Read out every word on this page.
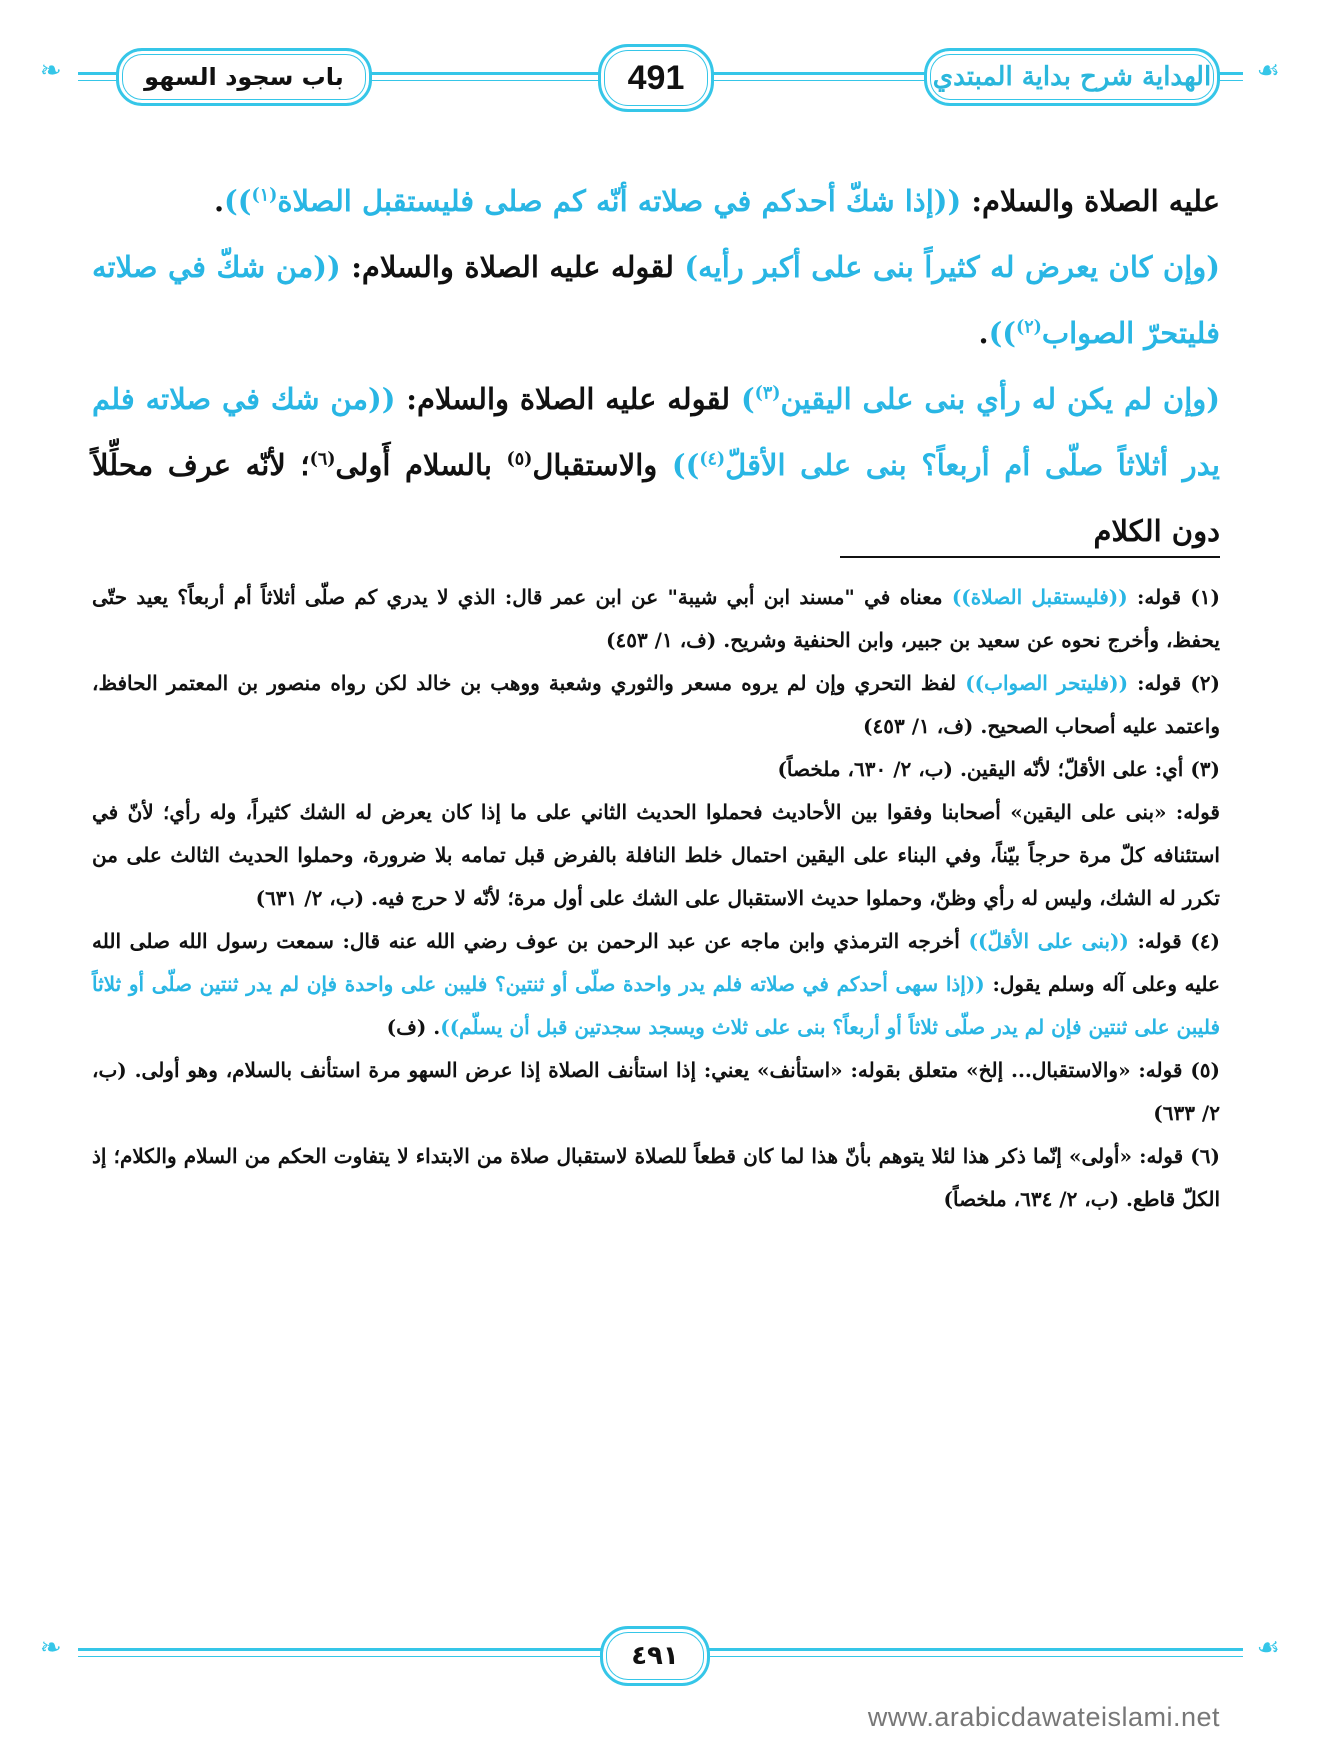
❧	☙
باب سجود السهو	491	الهداية شرح بداية المبتدي

عليه الصلاة والسلام: ((إذا شكّ أحدكم في صلاته أنّه كم صلى فليستقبل الصلاة$^{(١)}$)).

(وإن كان يعرض له كثيراً بنى على أكبر رأيه) لقوله عليه الصلاة والسلام: ((من شكّ في صلاته فليتحرّ الصواب$^{(٢)}$)).

(وإن لم يكن له رأي بنى على اليقين$^{(٣)}$) لقوله عليه الصلاة والسلام: ((من شك في صلاته فلم يدر أثلاثاً صلّى أم أربعاً؟ بنى على الأقلّ$^{(٤)}$)) والاستقبال$^{(٥)}$ بالسلام أَولى$^{(٦)}$؛ لأنّه عرف محلِّلاً دون الكلام

(١) قوله: ((فليستقبل الصلاة)) معناه في "مسند ابن أبي شيبة" عن ابن عمر قال: الذي لا يدري كم صلّى أثلاثاً أم أربعاً؟ يعيد حتّى يحفظ، وأخرج نحوه عن سعيد بن جبير، وابن الحنفية وشريح. (ف، ١/ ٤٥٣)

(٢) قوله: ((فليتحر الصواب)) لفظ التحري وإن لم يروه مسعر والثوري وشعبة ووهب بن خالد لكن رواه منصور بن المعتمر الحافظ، واعتمد عليه أصحاب الصحيح. (ف، ١/ ٤٥٣)

(٣) أي: على الأقلّ؛ لأنّه اليقين. (ب، ٢/ ٦٣٠، ملخصاً)

قوله: «بنى على اليقين» أصحابنا وفقوا بين الأحاديث فحملوا الحديث الثاني على ما إذا كان يعرض له الشك كثيراً، وله رأي؛ لأنّ في استئنافه كلّ مرة حرجاً بيّناً، وفي البناء على اليقين احتمال خلط النافلة بالفرض قبل تمامه بلا ضرورة، وحملوا الحديث الثالث على من تكرر له الشك، وليس له رأي وظنّ، وحملوا حديث الاستقبال على الشك على أول مرة؛ لأنّه لا حرج فيه. (ب، ٢/ ٦٣١)

(٤) قوله: ((بنى على الأقلّ)) أخرجه الترمذي وابن ماجه عن عبد الرحمن بن عوف رضي الله عنه قال: سمعت رسول الله صلى الله عليه وعلى آله وسلم يقول: ((إذا سهى أحدكم في صلاته فلم يدر واحدة صلّى أو ثنتين؟ فليبن على واحدة فإن لم يدر ثنتين صلّى أو ثلاثاً فليبن على ثنتين فإن لم يدر صلّى ثلاثاً أو أربعاً؟ بنى على ثلاث ويسجد سجدتين قبل أن يسلّم)). (ف)

(٥) قوله: «والاستقبال... إلخ» متعلق بقوله: «استأنف» يعني: إذا استأنف الصلاة إذا عرض السهو مرة استأنف بالسلام، وهو أولى. (ب، ٢/ ٦٣٣)

(٦) قوله: «أولى» إنّما ذكر هذا لئلا يتوهم بأنّ هذا لما كان قطعاً للصلاة لاستقبال صلاة من الابتداء لا يتفاوت الحكم من السلام والكلام؛ إذ الكلّ قاطع. (ب، ٢/ ٦٣٤، ملخصاً)

❧	☙
٤٩١
www.arabicdawateislami.net
